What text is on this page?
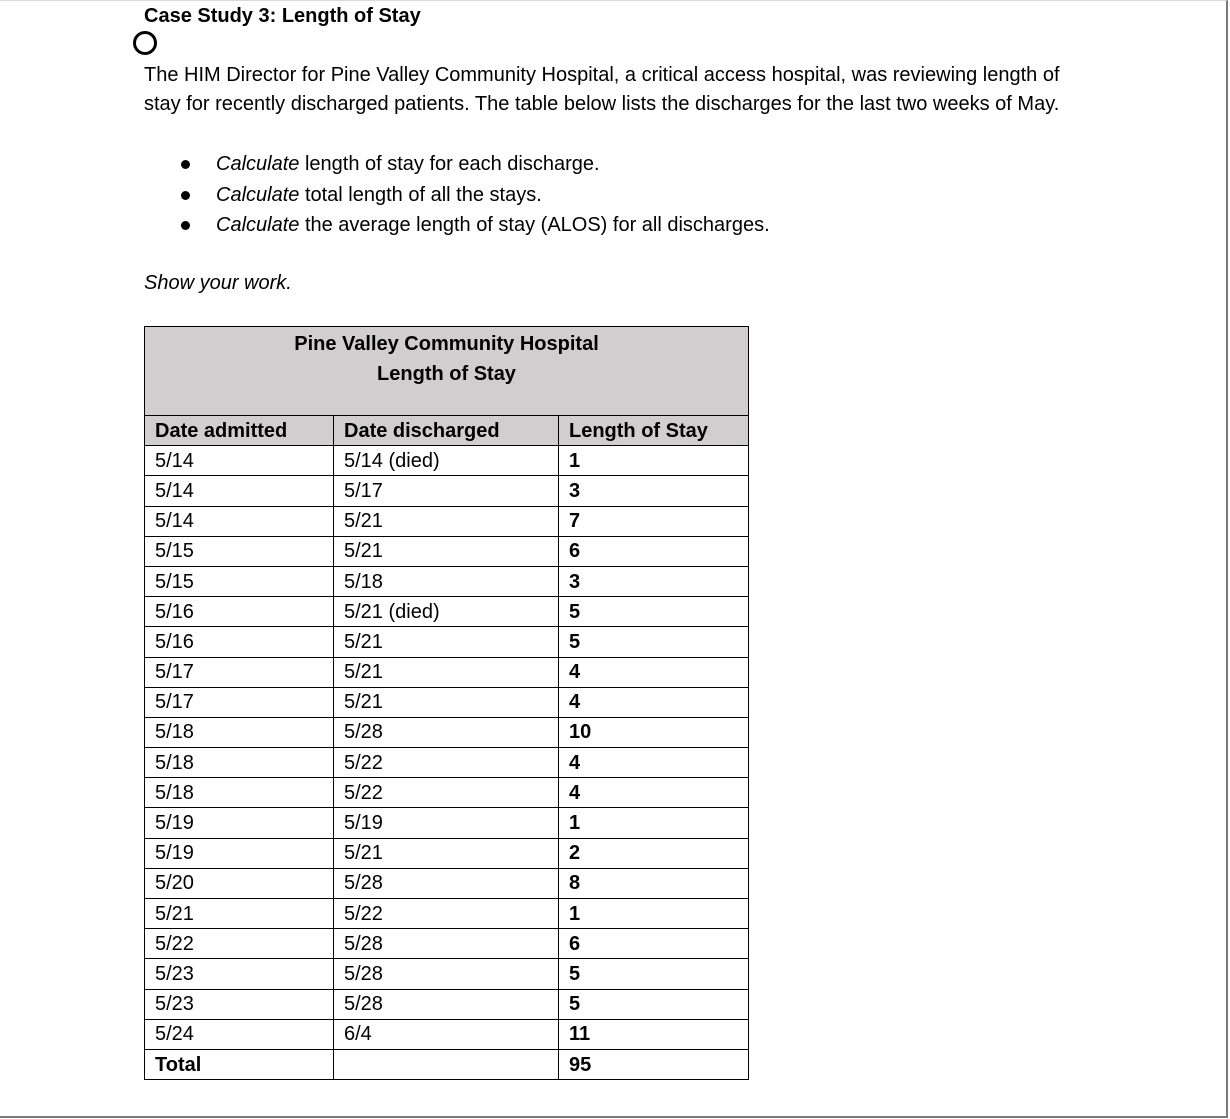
Case Study 3: Length of Stay

The HIM Director for Pine Valley Community Hospital, a critical access hospital, was reviewing length of stay for recently discharged patients. The table below lists the discharges for the last two weeks of May.

Calculate length of stay for each discharge.
Calculate total length of all the stays.
Calculate the average length of stay (ALOS) for all discharges.
Show your work.
Pine Valley Community Hospital
Length of Stay		

Date admitted	Date discharged	Length of Stay
5/14	5/14 (died)	1
5/14	5/17	3
5/14	5/21	7
5/15	5/21	6
5/15	5/18	3
5/16	5/21 (died)	5
5/16	5/21	5
5/17	5/21	4
5/17	5/21	4
5/18	5/28	10
5/18	5/22	4
5/18	5/22	4
5/19	5/19	1
5/19	5/21	2
5/20	5/28	8
5/21	5/22	1
5/22	5/28	6
5/23	5/28	5
5/23	5/28	5
5/24	6/4	11
Total		95
